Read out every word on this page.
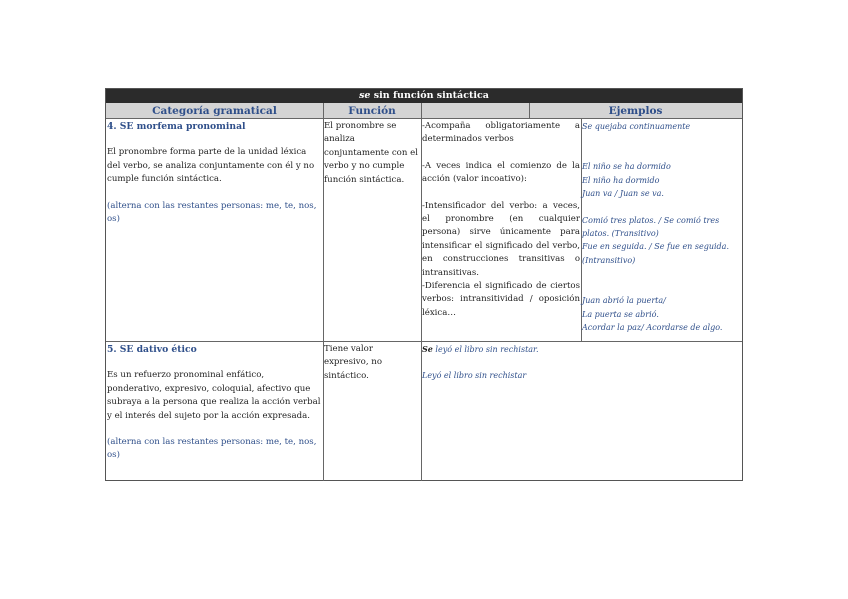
se sin función sintáctica
Categoría gramatical	Función	Ejemplos

4. SE morfema pronominal

El pronombre forma parte de la unidad léxica del verbo, se analiza conjuntamente con él y no cumple función sintáctica.

(alterna con las restantes personas: me, te, nos, os)

El pronombre se analiza conjuntamente con el verbo y no cumple función sintáctica.

-Acompaña obligatoriamente a determinados verbos

-A veces indica el comienzo de la acción (valor incoativo):

-Intensificador del verbo: a veces, el pronombre (en cualquier persona) sirve únicamente para intensificar el significado del verbo, en construcciones transitivas o intransitivas.

-Diferencia el significado de ciertos verbos: intransitividad / oposición léxica…

Se quejaba continuamente

El niño se ha dormido

El niño ha dormido

Juan va / Juan se va.

Comió tres platos. / Se comió tres platos. (Transitivo)

Fue en seguida. / Se fue en seguida. (Intransitivo)

Juan abrió la puerta/

La puerta se abrió.

Acordar la paz/ Acordarse de algo.

5. SE dativo ético

Es un refuerzo pronominal enfático, ponderativo, expresivo, coloquial, afectivo que subraya a la persona que realiza la acción verbal y el interés del sujeto por la acción expresada.

(alterna con las restantes personas: me, te, nos, os)

Tiene valor expresivo, no sintáctico.

Se leyó el libro sin rechistar.

Leyó el libro sin rechistar
